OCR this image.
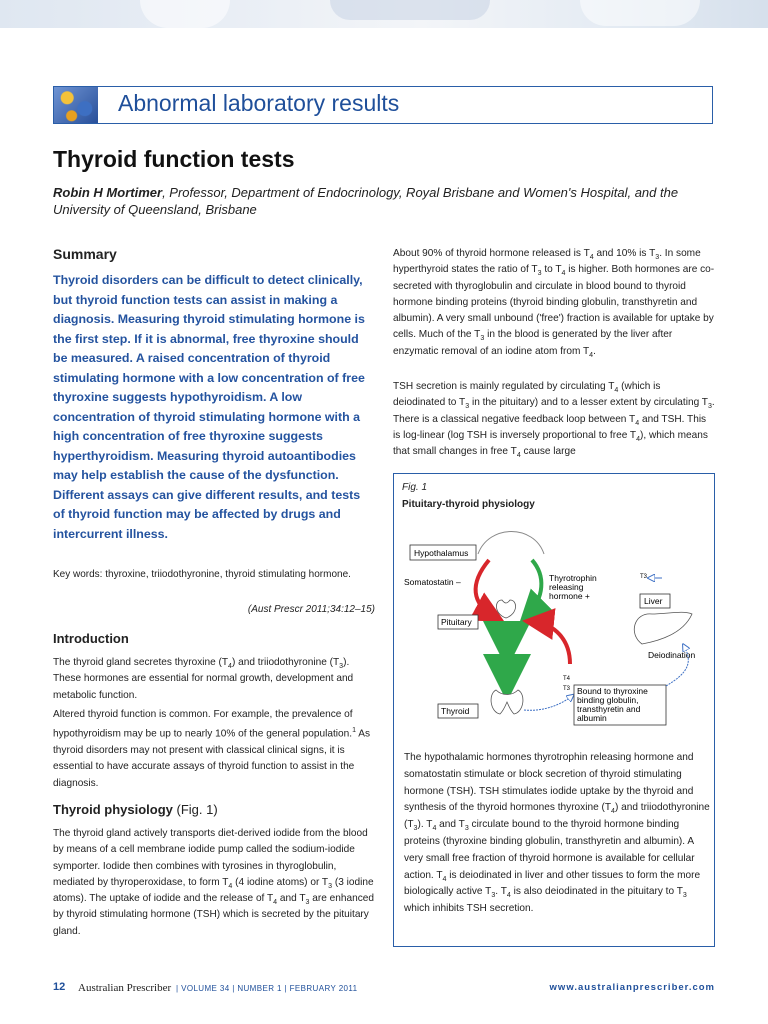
Abnormal laboratory results
Thyroid function tests

Robin H Mortimer, Professor, Department of Endocrinology, Royal Brisbane and Women's Hospital, and the University of Queensland, Brisbane

Summary

Thyroid disorders can be difficult to detect clinically, but thyroid function tests can assist in making a diagnosis. Measuring thyroid stimulating hormone is the first step. If it is abnormal, free thyroxine should be measured. A raised concentration of thyroid stimulating hormone with a low concentration of free thyroxine suggests hypothyroidism. A low concentration of thyroid stimulating hormone with a high concentration of free thyroxine suggests hyperthyroidism. Measuring thyroid autoantibodies may help establish the cause of the dysfunction. Different assays can give different results, and tests of thyroid function may be affected by drugs and intercurrent illness.

Key words: thyroxine, triiodothyronine, thyroid stimulating hormone.

(Aust Prescr 2011;34:12–15)
Introduction

The thyroid gland secretes thyroxine $(T_4)$ and triiodothyronine $(T_3)$. These hormones are essential for normal growth, development and metabolic function.

Altered thyroid function is common. For example, the prevalence of hypothyroidism may be up to nearly 10% of the general population.$^1$ As thyroid disorders may not present with classical clinical signs, it is essential to have accurate assays of thyroid function to assist in the diagnosis.

Thyroid physiology (Fig. 1)

The thyroid gland actively transports diet-derived iodide from the blood by means of a cell membrane iodide pump called the sodium-iodide symporter. Iodide then combines with tyrosines in thyroglobulin, mediated by thyroperoxidase, to form $T_4$ (4 iodine atoms) or $T_3$ (3 iodine atoms). The uptake of iodide and the release of $T_4$ and $T_3$ are enhanced by thyroid stimulating hormone (TSH) which is secreted by the pituitary gland.

About 90% of thyroid hormone released is $T_4$ and 10% is $T_3$. In some hyperthyroid states the ratio of $T_3$ to $T_4$ is higher. Both hormones are co-secreted with thyroglobulin and circulate in blood bound to thyroid hormone binding proteins (thyroid binding globulin, transthyretin and albumin). A very small unbound ('free') fraction is available for uptake by cells. Much of the $T_3$ in the blood is generated by the liver after enzymatic removal of an iodine atom from $T_4$.

TSH secretion is mainly regulated by circulating $T_4$ (which is deiodinated to $T_3$ in the pituitary) and to a lesser extent by circulating $T_3$. There is a classical negative feedback loop between $T_4$ and TSH. This is log-linear (log TSH is inversely proportional to free $T_4$), which means that small changes in free $T_4$ cause large

Fig. 1
Pituitary-thyroid physiology
Hypothalamus
Somatostatin –	Thyrotrophin
releasing
hormone +
Pituitary	–
TSH
Thyroid
T4
T3 Bound to thyroxine
binding globulin,
transthyretin and
albumin
Liver
Deiodination
T3

The hypothalamic hormones thyrotrophin releasing hormone and somatostatin stimulate or block secretion of thyroid stimulating hormone (TSH). TSH stimulates iodide uptake by the thyroid and synthesis of the thyroid hormones thyroxine $(T_4)$ and triiodothyronine $(T_3)$. $T_4$ and $T_3$ circulate bound to the thyroid hormone binding proteins (thyroxine binding globulin, transthyretin and albumin). A very small free fraction of thyroid hormone is available for cellular action. $T_4$ is deiodinated in liver and other tissues to form the more biologically active $T_3$. $T_4$ is also deiodinated in the pituitary to $T_3$ which inhibits TSH secretion.

12 Australian Prescriber | VOLUME 34 | NUMBER 1 | FEBRUARY 2011	www.australianprescriber.com
